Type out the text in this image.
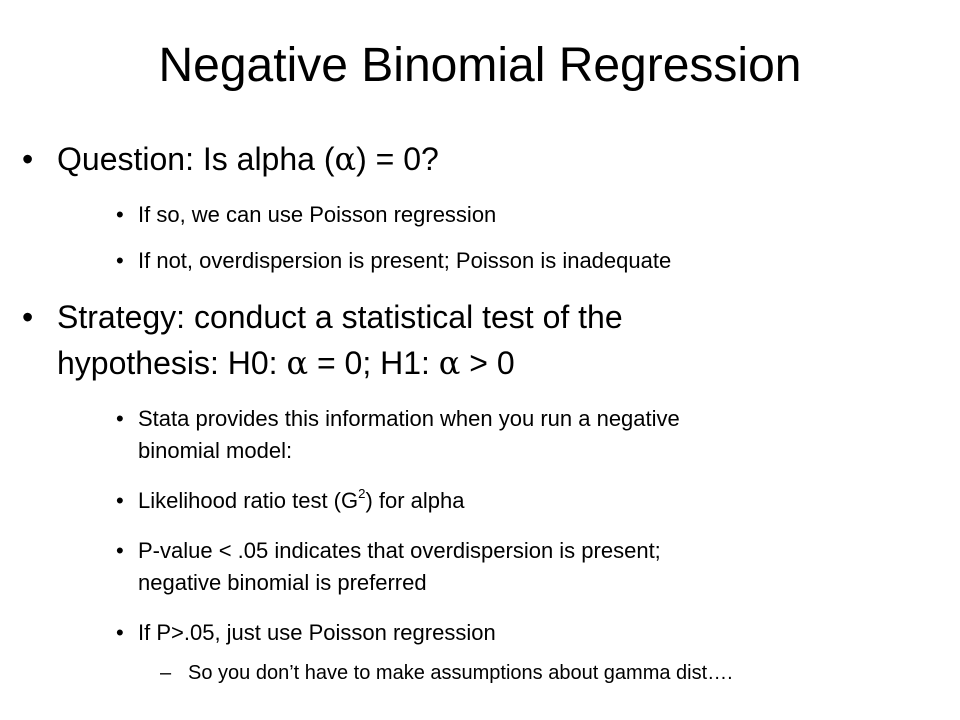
Negative Binomial Regression
• Question: Is alpha (α) = 0?
• If so, we can use Poisson regression
• If not, overdispersion is present; Poisson is inadequate
• Strategy: conduct a statistical test of the
hypothesis: H0: α = 0; H1: α > 0
• Stata provides this information when you run a negative
binomial model:
• Likelihood ratio test $(G^2)$ for alpha
• P-value < .05 indicates that overdispersion is present;
negative binomial is preferred
• If P>.05, just use Poisson regression
– So you don’t have to make assumptions about gamma dist….
